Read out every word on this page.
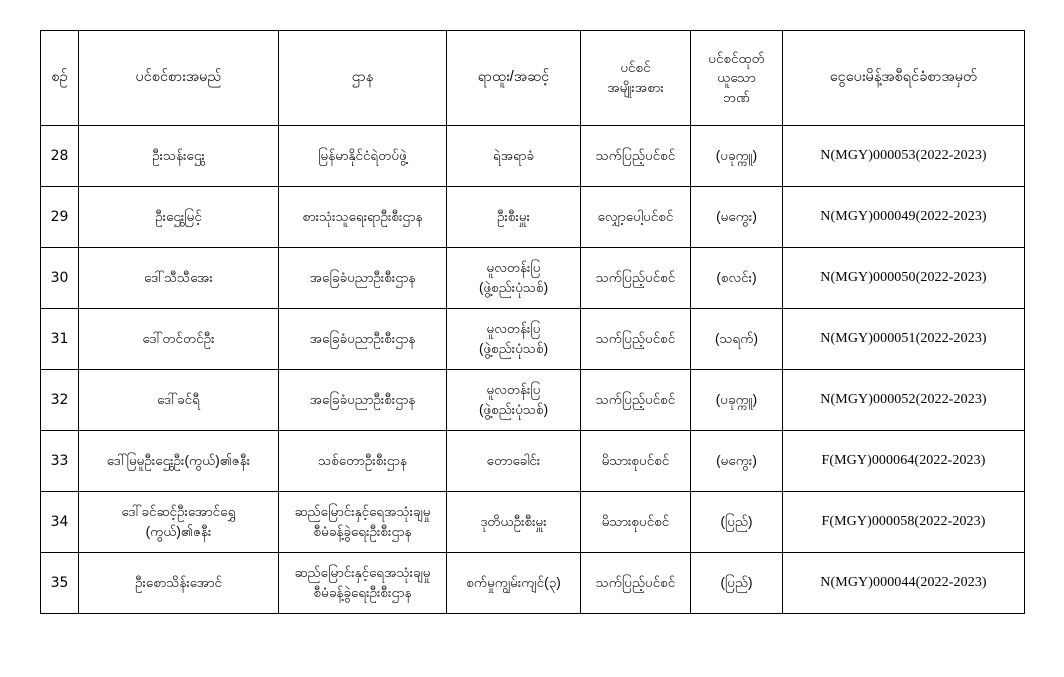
စဉ်	ပင်စင်စားအမည်	ဌာန	ရာထူး/အဆင့်	ပင်စင်
အမျိုးအစား	ပင်စင်ထုတ်
ယူသော
ဘဏ်	ငွေပေးမိန့်အစီရင်ခံစာအမှတ်
28	ဦးသန်းဌွေး	မြန်မာနိုင်ငံရဲတပ်ဖွဲ့	ရဲအရာခံ	သက်ပြည့်ပင်စင်	(ပခုက္ကူ)	N(MGY)000053(2022-2023)
29	ဦးဌွေးမြင့်	စားသုံးသူရေးရာဦးစီးဌာန	ဦးစီးမှူး	လျှော့ပေါ့ပင်စင်	(မကွေး)	N(MGY)000049(2022-2023)
30	ဒေါ်သီသီအေး	အခြေခံပညာဦးစီးဌာန	မူလတန်းပြ
(ဖွဲ့စည်းပုံသစ်)	သက်ပြည့်ပင်စင်	(စလင်း)	N(MGY)000050(2022-2023)
31	ဒေါ်တင်တင်ဦး	အခြေခံပညာဦးစီးဌာန	မူလတန်းပြ
(ဖွဲ့စည်းပုံသစ်)	သက်ပြည့်ပင်စင်	(သရက်)	N(MGY)000051(2022-2023)
32	ဒေါ်ခင်ရီ	အခြေခံပညာဦးစီးဌာန	မူလတန်းပြ
(ဖွဲ့စည်းပုံသစ်)	သက်ပြည့်ပင်စင်	(ပခုက္ကူ)	N(MGY)000052(2022-2023)
33	ဒေါ်မြမူဦးဌွေးဦး(ကွယ်)၏ဇနီး	သစ်တောဦးစီးဌာန	တောခေါင်း	မိသားစုပင်စင်	(မကွေး)	F(MGY)000064(2022-2023)
34	ဒေါ်ခင်ဆင့်ဦးအောင်ရွှေ
(ကွယ်)၏ဇနီး	ဆည်မြောင်းနှင့်ရေအသုံးချမှု
စီမံခန့်ခွဲရေးဦးစီးဌာန	ဒုတိယဦးစီးမှူး	မိသားစုပင်စင်	(ပြည်)	F(MGY)000058(2022-2023)
35	ဦးစောသိန်းအောင်	ဆည်မြောင်းနှင့်ရေအသုံးချမှု
စီမံခန့်ခွဲရေးဦးစီးဌာန	စက်မှုကျွမ်းကျင်(၃)	သက်ပြည့်ပင်စင်	(ပြည်)	N(MGY)000044(2022-2023)
